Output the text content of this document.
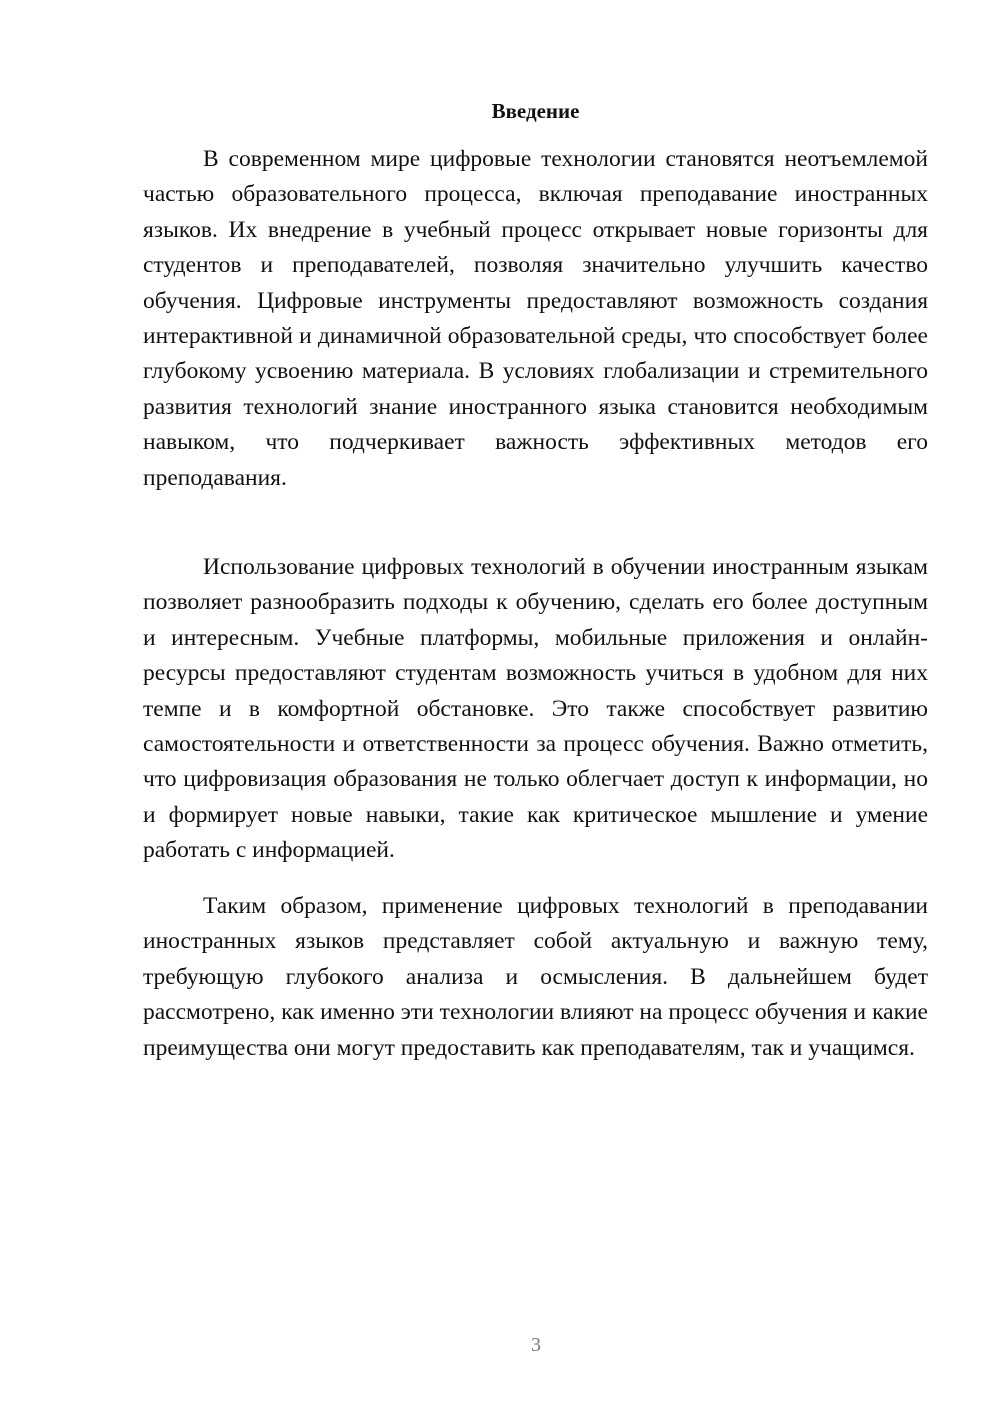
Введение

В современном мире цифровые технологии становятся неотъемлемой частью образовательного процесса, включая преподавание иностранных языков. Их внедрение в учебный процесс открывает новые горизонты для студентов и преподавателей, позволяя значительно улучшить качество обучения. Цифровые инструменты предоставляют возможность создания интерактивной и динамичной образовательной среды, что способствует более глубокому усвоению материала. В условиях глобализации и стремительного развития технологий знание иностранного языка становится необходимым навыком, что подчеркивает важность эффективных методов его преподавания.

Использование цифровых технологий в обучении иностранным языкам позволяет разнообразить подходы к обучению, сделать его более доступным и интересным. Учебные платформы, мобильные приложения и онлайн-ресурсы предоставляют студентам возможность учиться в удобном для них темпе и в комфортной обстановке. Это также способствует развитию самостоятельности и ответственности за процесс обучения. Важно отметить, что цифровизация образования не только облегчает доступ к информации, но и формирует новые навыки, такие как критическое мышление и умение работать с информацией.

Таким образом, применение цифровых технологий в преподавании иностранных языков представляет собой актуальную и важную тему, требующую глубокого анализа и осмысления. В дальнейшем будет рассмотрено, как именно эти технологии влияют на процесс обучения и какие преимущества они могут предоставить как преподавателям, так и учащимся.

3
